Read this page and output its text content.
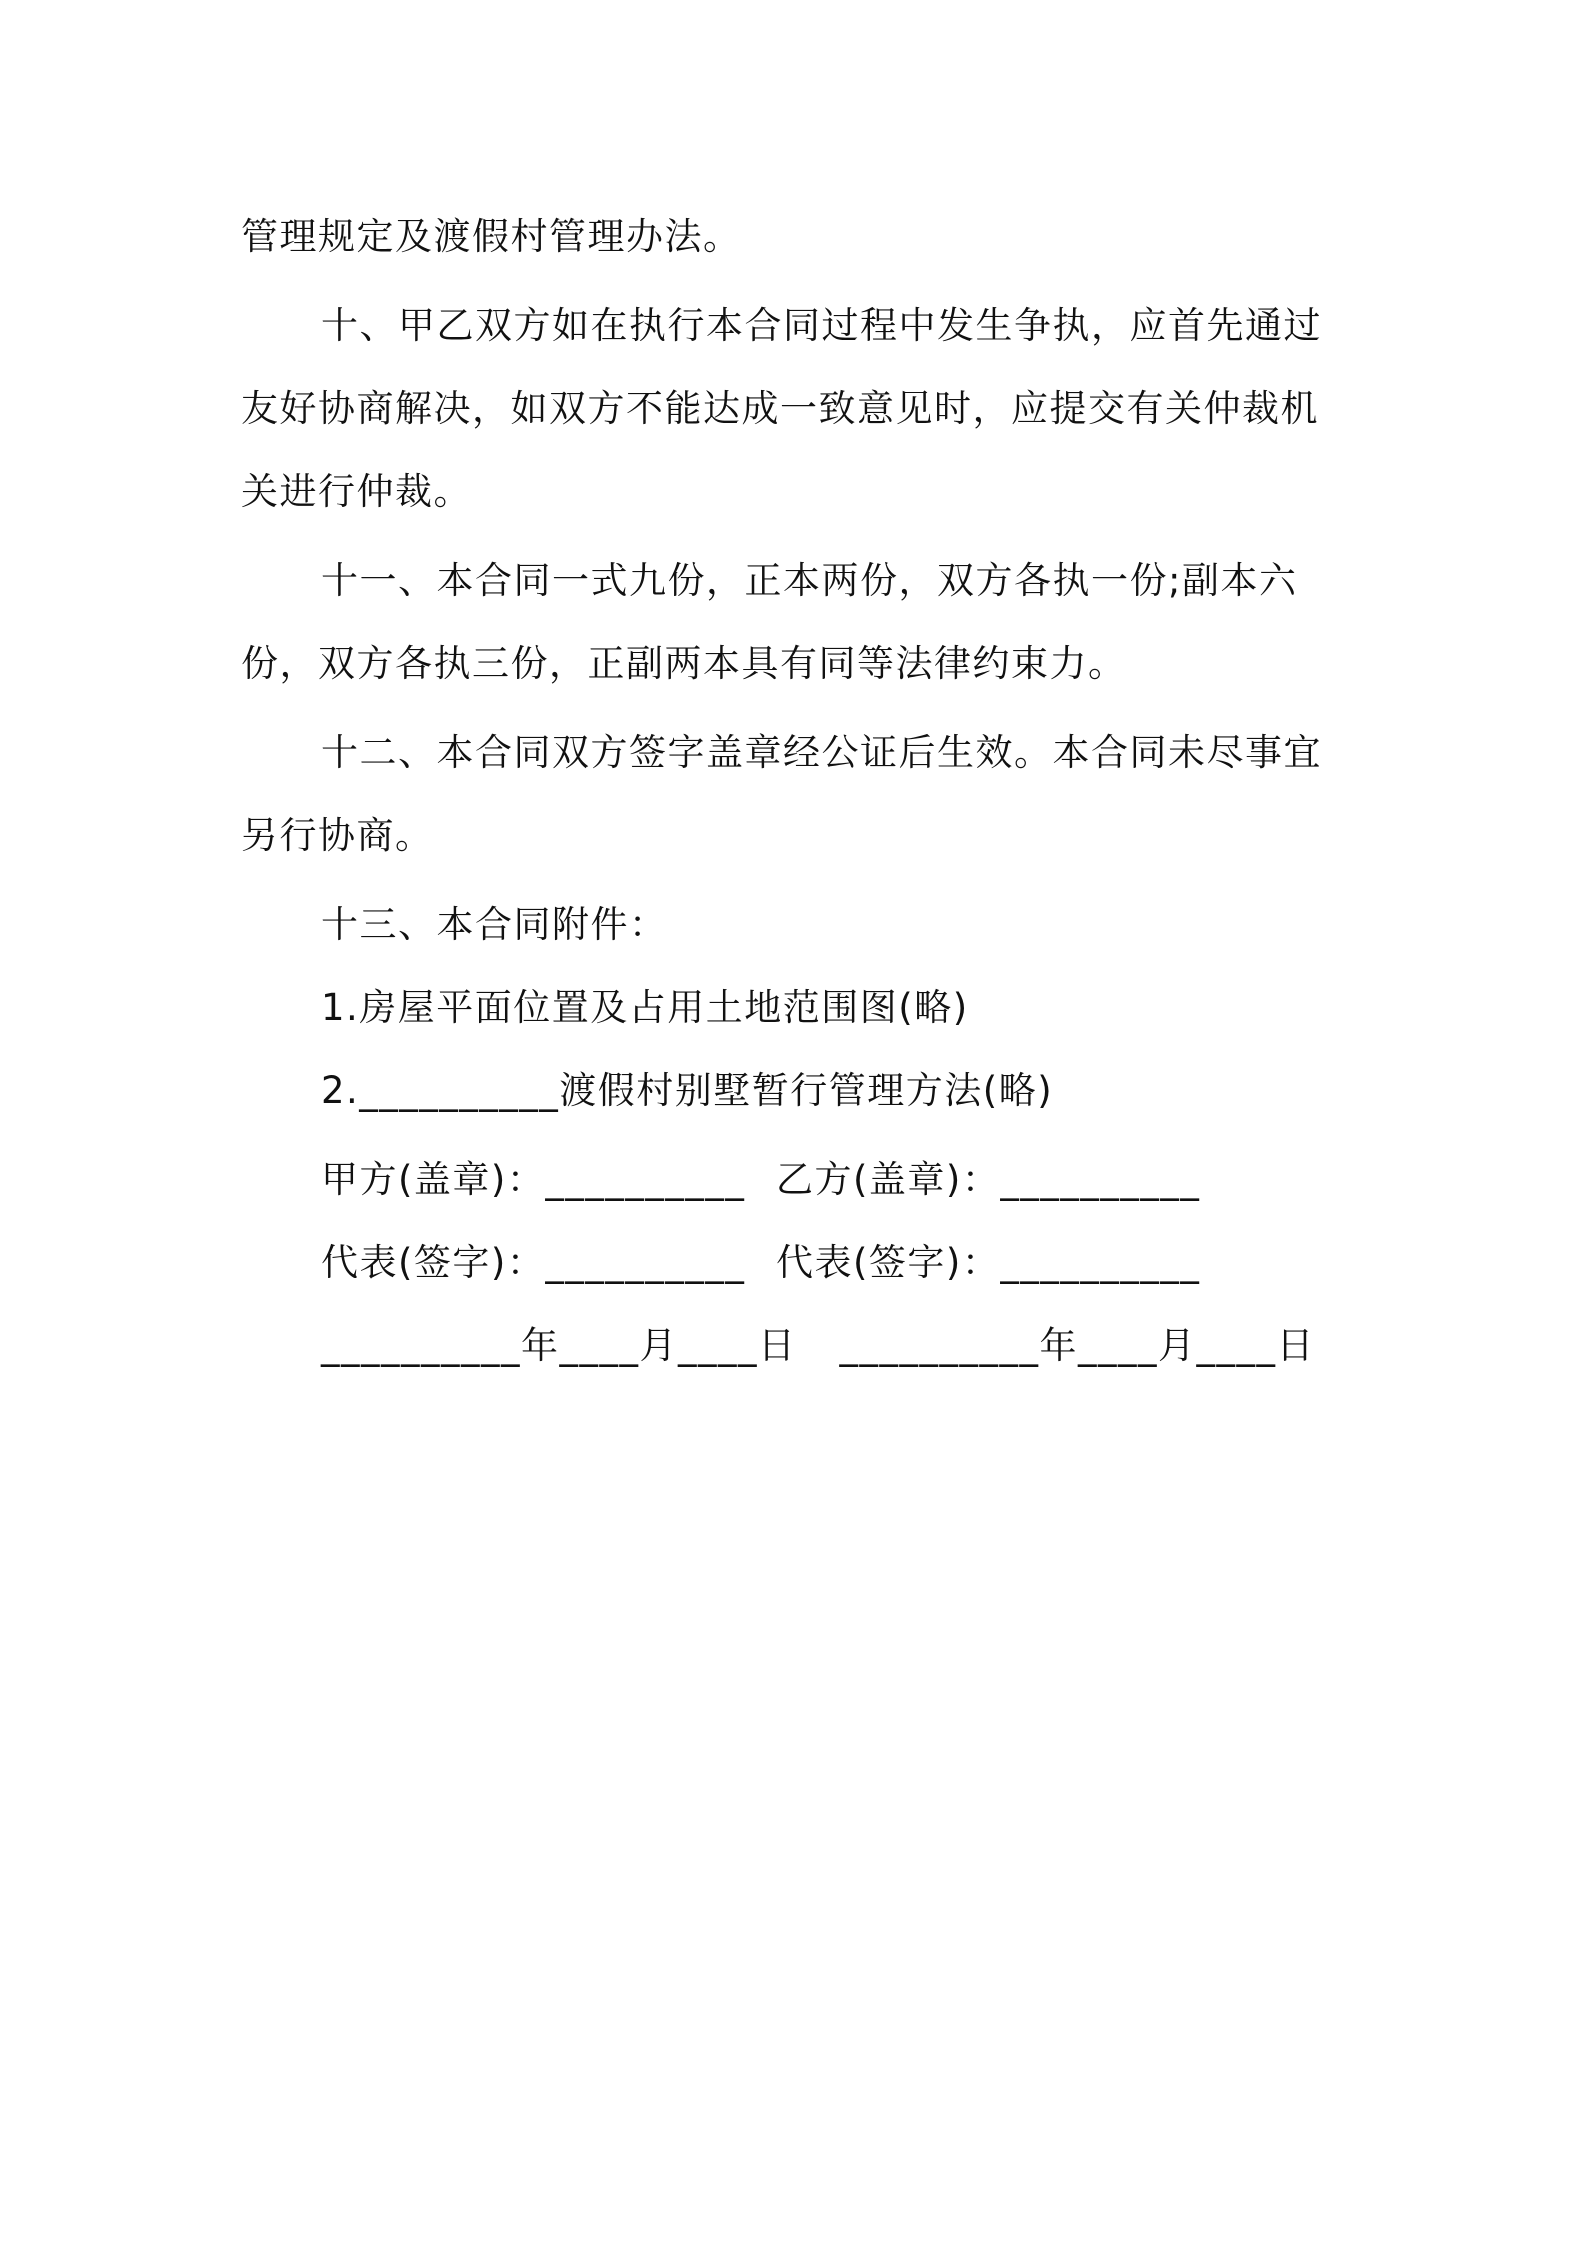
管理规定及渡假村管理办法。
十、甲乙双方如在执行本合同过程中发生争执，应首先通过
友好协商解决，如双方不能达成一致意见时，应提交有关仲裁机
关进行仲裁。
十一、本合同一式九份，正本两份，双方各执一份;副本六
份，双方各执三份，正副两本具有同等法律约束力。
十二、本合同双方签字盖章经公证后生效。本合同未尽事宜
另行协商。
十三、本合同附件：
1.房屋平面位置及占用土地范围图(略)
2.__________渡假村别墅暂行管理方法(略)
甲方(盖章)：__________ 乙方(盖章)：__________
代表(签字)：__________ 代表(签字)：__________
__________年____月____日	__________年____月____日
